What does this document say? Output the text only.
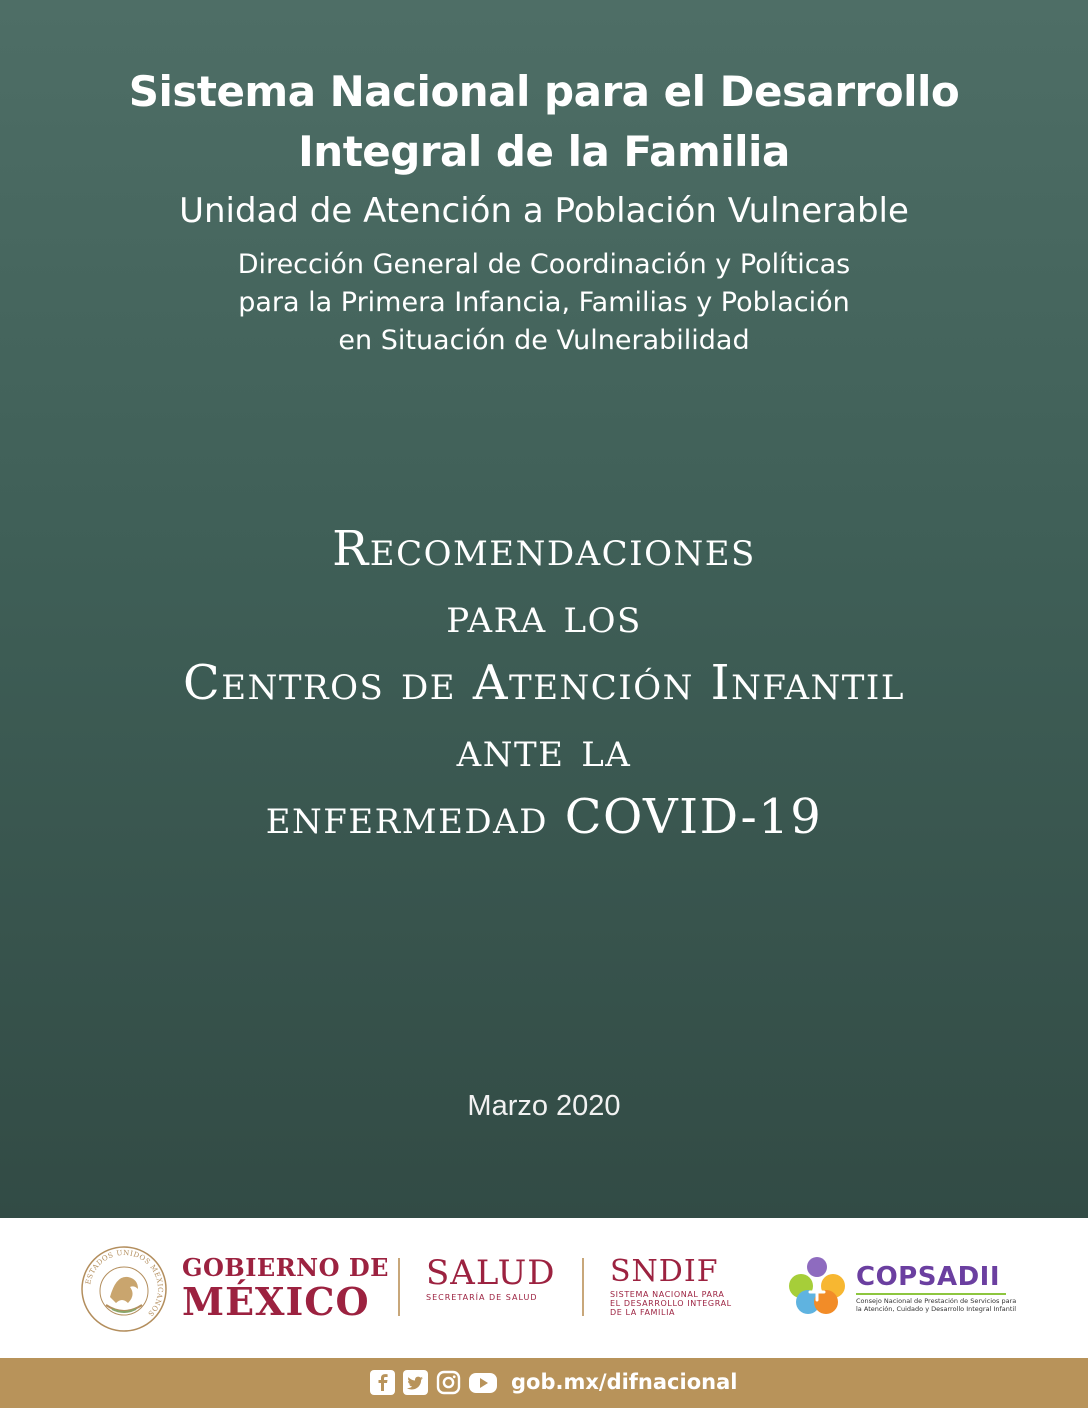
Sistema Nacional para el Desarrollo
Integral de la Familia
Unidad de Atención a Población Vulnerable
Dirección General de Coordinación y Políticas
para la Primera Infancia, Familias y Población
en Situación de Vulnerabilidad
Recomendaciones
para los
Centros de Atención Infantil
ante la
enfermedad COVID-19
Marzo 2020
ESTADOS UNIDOS MEXICANOS
GOBIERNO DE
MÉXICO
SALUD
SECRETARÍA DE SALUD
SNDIF
SISTEMA NACIONAL PARA
EL DESARROLLO INTEGRAL
DE LA FAMILIA
COPSADII
Consejo Nacional de Prestación de Servicios para
la Atención, Cuidado y Desarrollo Integral Infantil
gob.mx/difnacional
